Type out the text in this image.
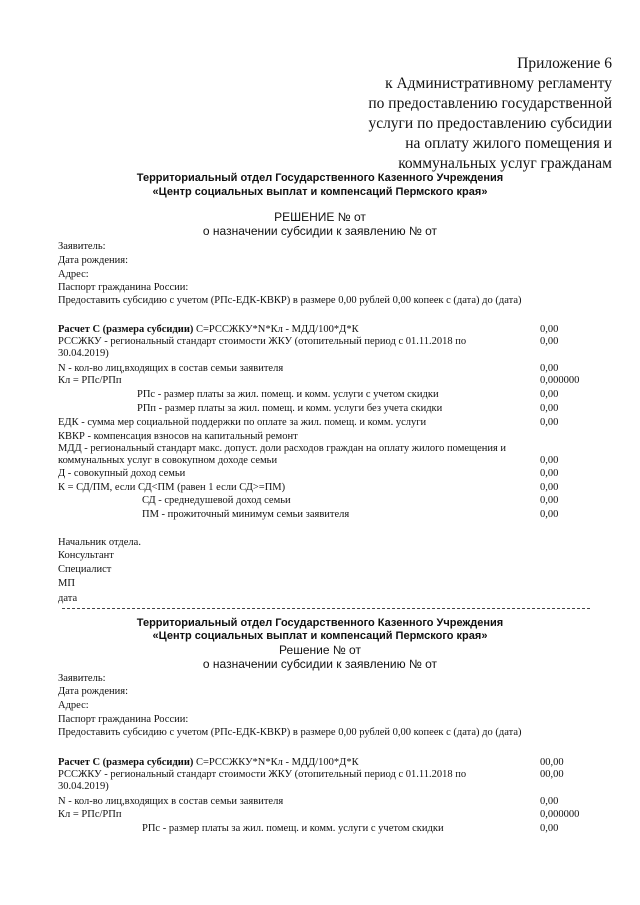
Приложение 6
к Административному регламенту
по предоставлению государственной
услуги по предоставлению субсидии
на оплату жилого помещения и
коммунальных услуг гражданам
Территориальный отдел Государственного Казенного Учреждения
«Центр социальных выплат и компенсаций Пермского края»
РЕШЕНИЕ № от
о назначении субсидии к заявлению № от
Заявитель:
Дата рождения:
Адрес:
Паспорт гражданина России:
Предоставить субсидию с учетом (РПс-ЕДК-КВКР) в размере 0,00 рублей 0,00 копеек с (дата) до (дата)
Расчет С (размера субсидии) С=РССЖКУ*N*Кл - МДД/100*Д*К	0,00
РССЖКУ - региональный стандарт стоимости ЖКУ (отопительный период с 01.11.2018 по	0,00
30.04.2019)
N - кол-во лиц,входящих в состав семьи заявителя	0,00
Кл = РПс/РПп	0,000000
РПс - размер платы за жил. помещ. и комм. услуги с учетом скидки	0,00
РПп - размер платы за жил. помещ. и комм. услуги без учета скидки	0,00
ЕДК - сумма мер социальной поддержки по оплате за жил. помещ. и комм. услуги	0,00
КВКР - компенсация взносов на капитальный ремонт
МДД - региональный стандарт макс. допуст. доли расходов граждан на оплату жилого помещения и
коммунальных услуг в совокупном доходе семьи	0,00
Д - совокупный доход семьи	0,00
К = СД/ПМ, если СД<ПМ (равен 1 если СД>=ПМ)	0,00
СД - среднедушевой доход семьи	0,00
ПМ - прожиточный минимум семьи заявителя	0,00
Начальник отдела.
Консультант
Специалист
МП
дата
Территориальный отдел Государственного Казенного Учреждения
«Центр социальных выплат и компенсаций Пермского края»
Решение № от
о назначении субсидии к заявлению № от
Заявитель:
Дата рождения:
Адрес:
Паспорт гражданина России:
Предоставить субсидию с учетом (РПс-ЕДК-КВКР) в размере 0,00 рублей 0,00 копеек с (дата) до (дата)
Расчет С (размера субсидии) С=РССЖКУ*N*Кл - МДД/100*Д*К	00,00
РССЖКУ - региональный стандарт стоимости ЖКУ (отопительный период с 01.11.2018 по	00,00
30.04.2019)
N - кол-во лиц,входящих в состав семьи заявителя	0,00
Кл = РПс/РПп	0,000000
РПс - размер платы за жил. помещ. и комм. услуги с учетом скидки	0,00
